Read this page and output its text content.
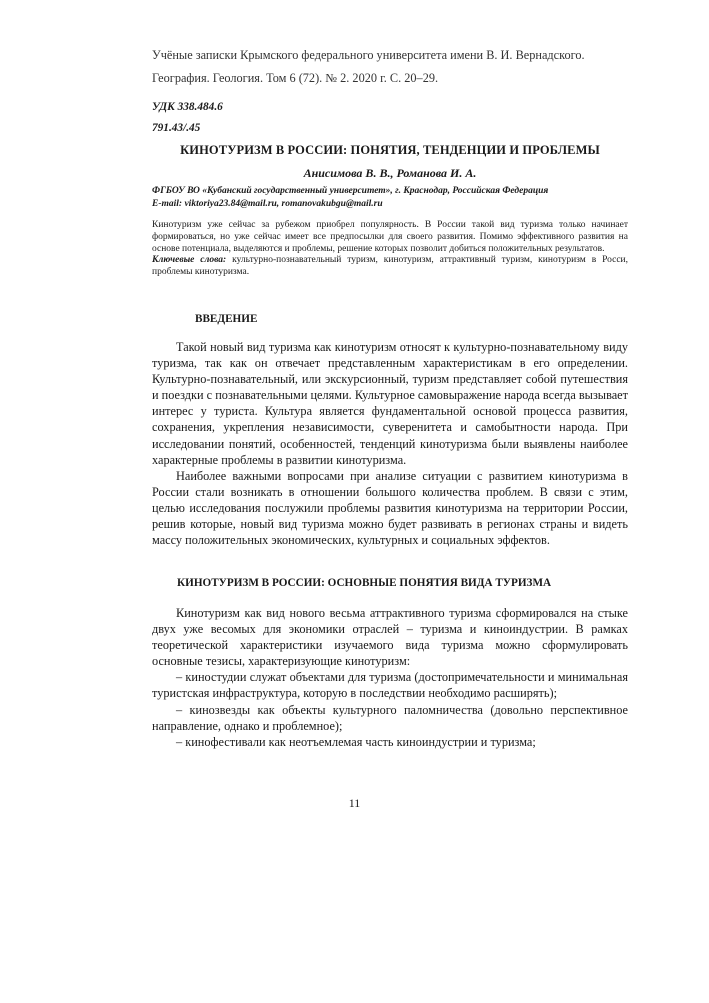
Учёные записки Крымского федерального университета имени В. И. Вернадского.
География. Геология. Том 6 (72). № 2. 2020 г. С. 20–29.
УДК 338.484.6
791.43/.45
КИНОТУРИЗМ В РОССИИ: ПОНЯТИЯ, ТЕНДЕНЦИИ И ПРОБЛЕМЫ
Анисимова В. В., Романова И. А.
ФГБОУ ВО «Кубанский государственный университет», г. Краснодар, Российская Федерация
E-mail: viktoriya23.84@mail.ru, romanovakubgu@mail.ru

Кинотуризм уже сейчас за рубежом приобрел популярность. В России такой вид туризма только начинает формироваться, но уже сейчас имеет все предпосылки для своего развития. Помимо эффективного развития на основе потенциала, выделяются и проблемы, решение которых позволит добиться положительных результатов.

Ключевые слова: культурно-познавательный туризм, кинотуризм, аттрактивный туризм, кинотуризм в Росси, проблемы кинотуризма.

ВВЕДЕНИЕ

Такой новый вид туризма как кинотуризм относят к культурно-познавательному виду туризма, так как он отвечает представленным характеристикам в его определении. Культурно-познавательный, или экскурсионный, туризм представляет собой путешествия и поездки с познавательными целями. Культурное самовыражение народа всегда вызывает интерес у туриста. Культура является фундаментальной основой процесса развития, сохранения, укрепления независимости, суверенитета и самобытности народа. При исследовании понятий, особенностей, тенденций кинотуризма были выявлены наиболее характерные проблемы в развитии кинотуризма.

Наиболее важными вопросами при анализе ситуации с развитием кинотуризма в России стали возникать в отношении большого количества проблем. В связи с этим, целью исследования послужили проблемы развития кинотуризма на территории России, решив которые, новый вид туризма можно будет развивать в регионах страны и видеть массу положительных экономических, культурных и социальных эффектов.

КИНОТУРИЗМ В РОССИИ: ОСНОВНЫЕ ПОНЯТИЯ ВИДА ТУРИЗМА

Кинотуризм как вид нового весьма аттрактивного туризма сформировался на стыке двух уже весомых для экономики отраслей – туризма и киноиндустрии. В рамках теоретической характеристики изучаемого вида туризма можно сформулировать основные тезисы, характеризующие кинотуризм:

– киностудии служат объектами для туризма (достопримечательности и минимальная туристская инфраструктура, которую в последствии необходимо расширять);

– кинозвезды как объекты культурного паломничества (довольно перспективное направление, однако и проблемное);

– кинофестивали как неотъемлемая часть киноиндустрии и туризма;

11
